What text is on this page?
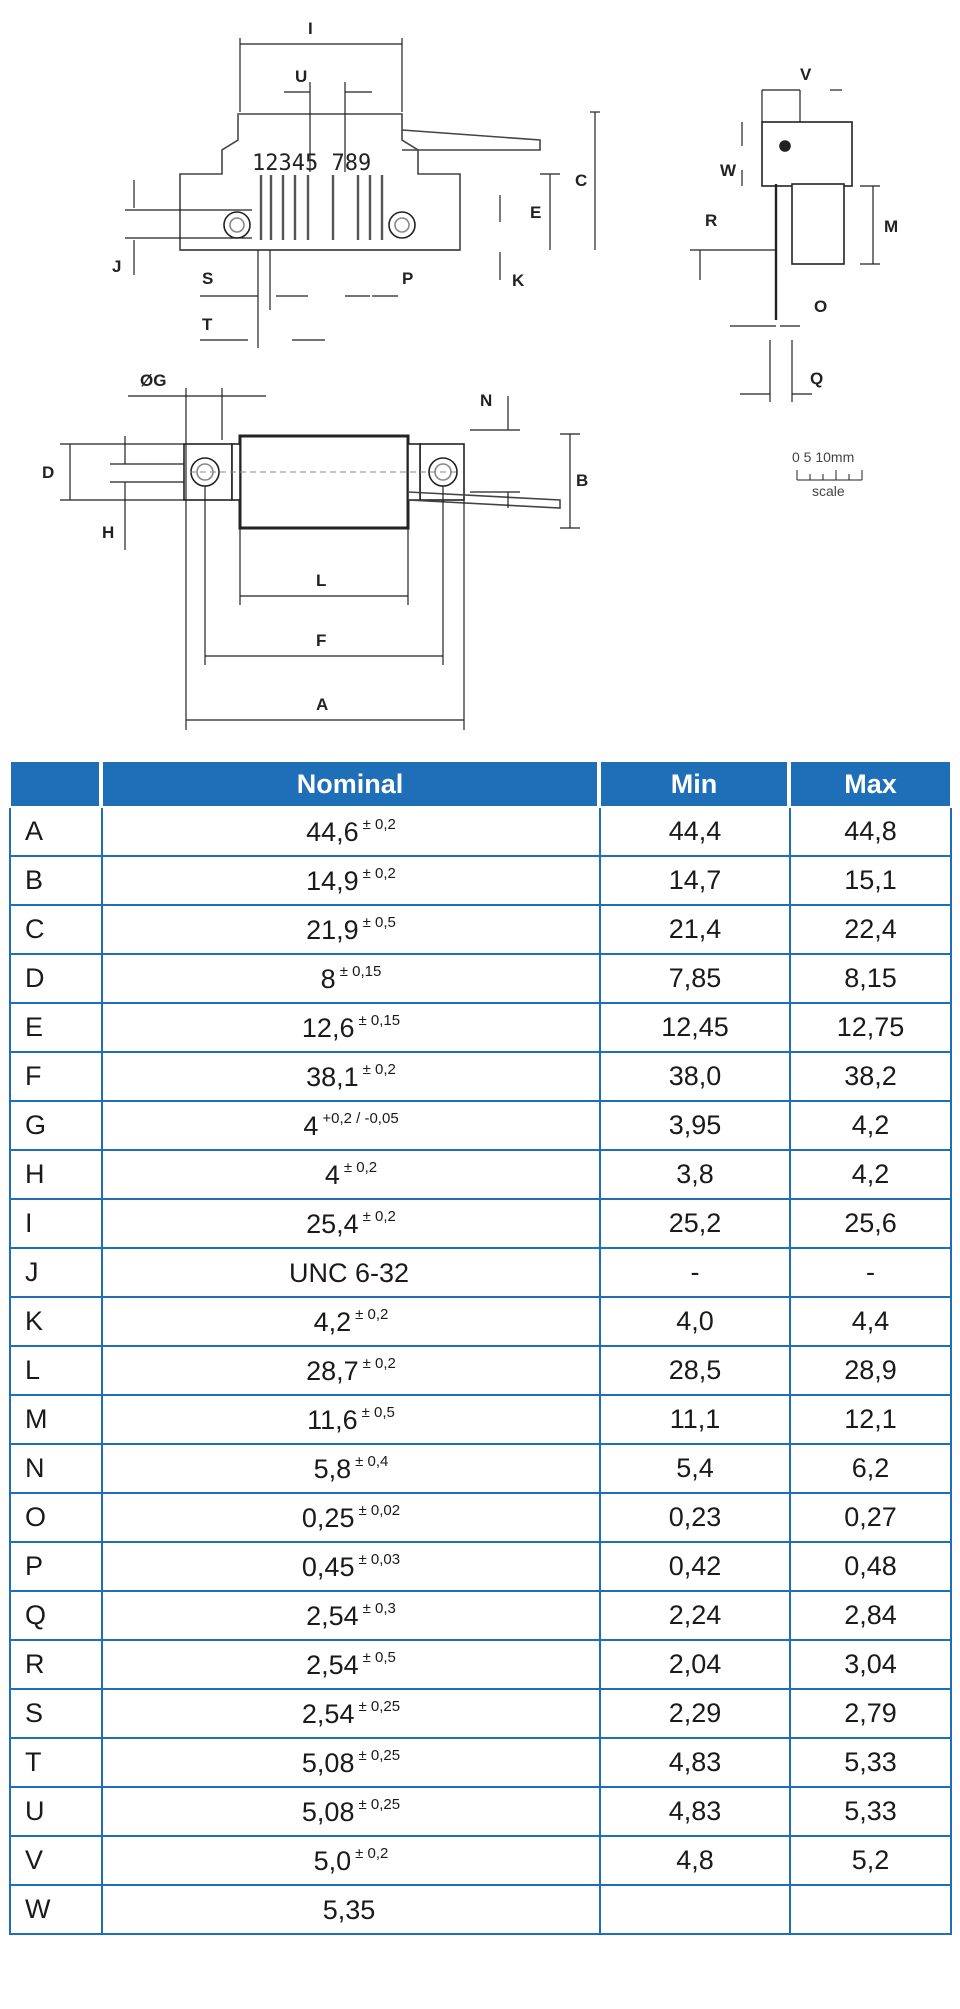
12345 789
I
U
C
E
J
K
S	P
T
V
W
R	M
O
Q
ØG
N
D	B
H
L
F
A
0 5 10mm
scale
	Nominal	Min	Max
A	44,6 $^{\pm 0,2}$	44,4	44,8
B	14,9 $^{\pm 0,2}$	14,7	15,1
C	21,9 $^{\pm 0,5}$	21,4	22,4
D	8 $^{\pm 0,15}$	7,85	8,15
E	12,6 $^{\pm 0,15}$	12,45	12,75
F	38,1 $^{\pm 0,2}$	38,0	38,2
G	4 $^{+0,2 / -0,05}$	3,95	4,2
H	4 $^{\pm 0,2}$	3,8	4,2
I	25,4 $^{\pm 0,2}$	25,2	25,6
J	UNC 6-32	-	-
K	4,2 $^{\pm 0,2}$	4,0	4,4
L	28,7 $^{\pm 0,2}$	28,5	28,9
M	11,6 $^{\pm 0,5}$	11,1	12,1
N	5,8 $^{\pm 0,4}$	5,4	6,2
O	0,25 $^{\pm 0,02}$	0,23	0,27
P	0,45 $^{\pm 0,03}$	0,42	0,48
Q	2,54 $^{\pm 0,3}$	2,24	2,84
R	2,54 $^{\pm 0,5}$	2,04	3,04
S	2,54 $^{\pm 0,25}$	2,29	2,79
T	5,08 $^{\pm 0,25}$	4,83	5,33
U	5,08 $^{\pm 0,25}$	4,83	5,33
V	5,0 $^{\pm 0,2}$	4,8	5,2
W	5,35		
